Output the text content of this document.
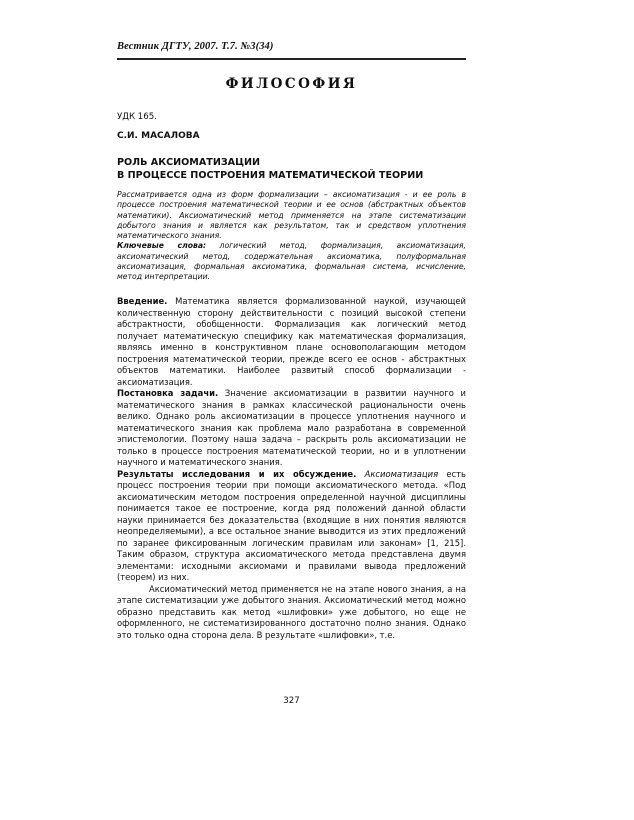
Вестник ДГТУ, 2007. Т.7. №3(34)
ФИЛОСОФИЯ
УДК 165.
С.И. МАСАЛОВА
РОЛЬ АКСИОМАТИЗАЦИИ
В ПРОЦЕССЕ ПОСТРОЕНИЯ МАТЕМАТИЧЕСКОЙ ТЕОРИИ
Рассматривается одна из форм формализации – аксиоматизация - и ее роль в процессе построения математической теории и ее основ (абстрактных объектов математики). Аксиоматический метод применяется на этапе систематизации добытого знания и является как результатом, так и средством уплотнения математического знания.
Ключевые слова: логический метод, формализация, аксиоматизация, аксиоматический метод, содержательная аксиоматика, полуформальная аксиоматизация, формальная аксиоматика, формальная система, исчисление, метод интерпретации.

Введение. Математика является формализованной наукой, изучающей количественную сторону действительности с позиций высокой степени абстрактности, обобщенности. Формализация как логический метод получает математическую специфику как математическая формализация, являясь именно в конструктивном плане основополагающим методом построения математической теории, прежде всего ее основ - абстрактных объектов математики. Наиболее развитый способ формализации - аксиоматизация.

Постановка задачи. Значение аксиоматизации в развитии научного и математического знания в рамках классической рациональности очень велико. Однако роль аксиоматизации в процессе уплотнения научного и математического знания как проблема мало разработана в современной эпистемологии. Поэтому наша задача – раскрыть роль аксиоматизации не только в процессе построения математической теории, но и в уплотнении научного и математического знания.

Результаты исследования и их обсуждение. Аксиоматизация есть процесс построения теории при помощи аксиоматического метода. «Под аксиоматическим методом построения определенной научной дисциплины понимается такое ее построение, когда ряд положений данной области науки принимается без доказательства (входящие в них понятия являются неопределяемыми), а все остальное знание выводится из этих предложений по заранее фиксированным логическим правилам или законам» [1, 215]. Таким образом, структура аксиоматического метода представлена двумя элементами: исходными аксиомами и правилами вывода предложений (теорем) из них.

Аксиоматический метод применяется не на этапе нового знания, а на этапе систематизации уже добытого знания. Аксиоматический метод можно образно представить как метод «шлифовки» уже добытого, но еще не оформленного, не систематизированного достаточно полно знания. Однако это только одна сторона дела. В результате «шлифовки», т.е.

327
